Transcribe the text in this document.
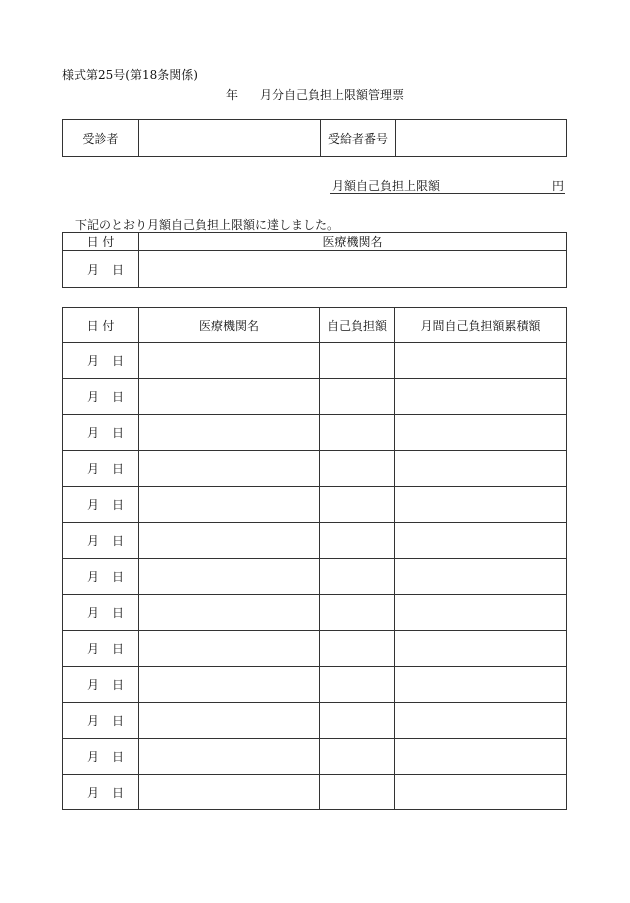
様式第25号(第18条関係)
年 月分自己負担上限額管理票
受診者		受給者番号	
月額自己負担上限額	円
下記のとおり月額自己負担上限額に達しました。
日 付	医療機関名

月 日	

日 付	医療機関名	自己負担額	月間自己負担額累積額

月 日			

月 日			

月 日			

月 日			

月 日			

月 日			

月 日			

月 日			

月 日			

月 日			

月 日			

月 日			

月 日			
